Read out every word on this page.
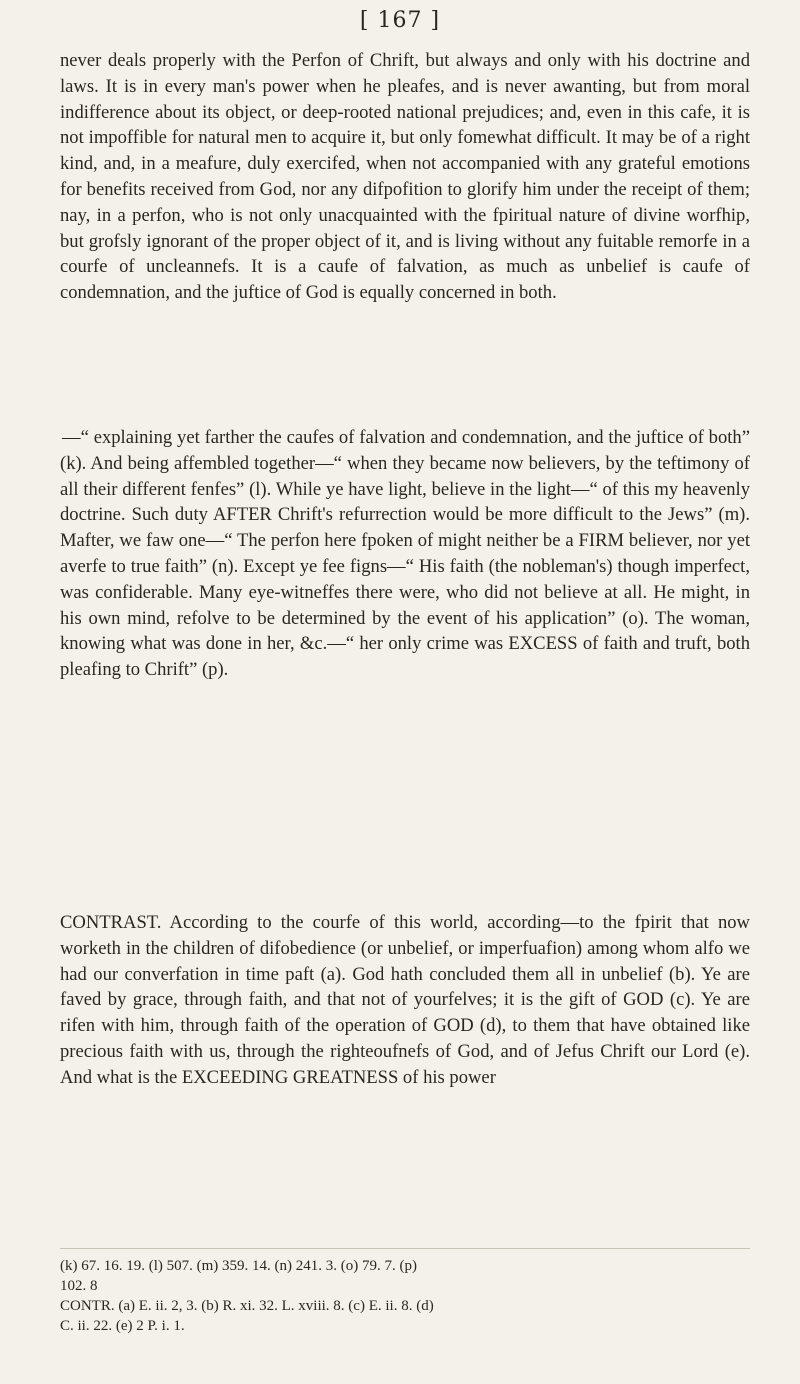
[ 167 ]
never deals properly with the Perfon of Chrift, but always and only with his doctrine and laws. It is in every man's power when he pleafes, and is never awanting, but from moral indifference about its object, or deep-rooted national prejudices; and, even in this cafe, it is not impoffible for natural men to acquire it, but only fomewhat difficult. It may be of a right kind, and, in a meafure, duly exercifed, when not accompanied with any grateful emotions for benefits received from God, nor any difpofition to glorify him under the receipt of them; nay, in a perfon, who is not only unacquainted with the fpiritual nature of divine worfhip, but grofsly ignorant of the proper object of it, and is living without any fuitable remorfe in a courfe of uncleannefs. It is a caufe of falvation, as much as unbelief is caufe of condemnation, and the juftice of God is equally concerned in both.
—“ explaining yet farther the caufes of falvation and condemnation, and the juftice of both” (k). And being affembled together—“ when they became now believers, by the teftimony of all their different fenfes” (l). While ye have light, believe in the light—“ of this my heavenly doctrine. Such duty AFTER Chrift's refurrection would be more difficult to the Jews” (m). Mafter, we faw one—“ The perfon here fpoken of might neither be a FIRM believer, nor yet averfe to true faith” (n). Except ye fee figns—“ His faith (the nobleman's) though imperfect, was confiderable. Many eye-witneffes there were, who did not believe at all. He might, in his own mind, refolve to be determined by the event of his application” (o). The woman, knowing what was done in her, &c.—“ her only crime was EXCESS of faith and truft, both pleafing to Chrift” (p).
CONTRAST. According to the courfe of this world, according—to the fpirit that now worketh in the children of difobedience (or unbelief, or imperfuafion) among whom alfo we had our converfation in time paft (a). God hath concluded them all in unbelief (b). Ye are faved by grace, through faith, and that not of yourfelves; it is the gift of GOD (c). Ye are rifen with him, through faith of the operation of GOD (d), to them that have obtained like precious faith with us, through the righteoufnefs of God, and of Jefus Chrift our Lord (e). And what is the EXCEEDING GREATNESS of his power
(k) 67. 16. 19. (l) 507. (m) 359. 14. (n) 241. 3. (o) 79. 7. (p)
102. 8
CONTR. (a) E. ii. 2, 3. (b) R. xi. 32. L. xviii. 8. (c) E. ii. 8. (d)
C. ii. 22. (e) 2 P. i. 1.
